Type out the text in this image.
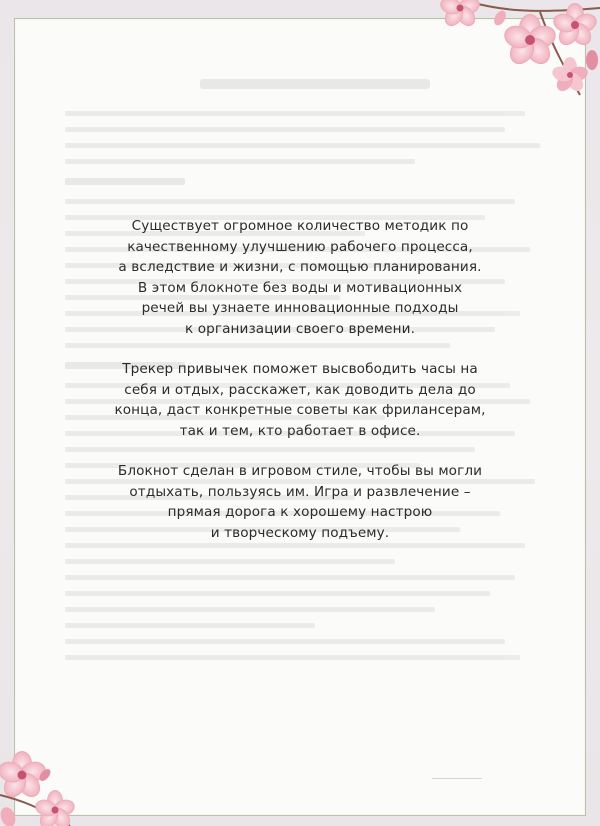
Существует огромное количество методик по
качественному улучшению рабочего процесса,
а вследствие и жизни, с помощью планирования.
В этом блокноте без воды и мотивационных
речей вы узнаете инновационные подходы
к организации своего времени.

Трекер привычек поможет высвободить часы на
себя и отдых, расскажет, как доводить дела до
конца, даст конкретные советы как фрилансерам,
так и тем, кто работает в офисе.

Блокнот сделан в игровом стиле, чтобы вы могли
отдыхать, пользуясь им. Игра и развлечение –
прямая дорога к хорошему настрою
и творческому подъему.
